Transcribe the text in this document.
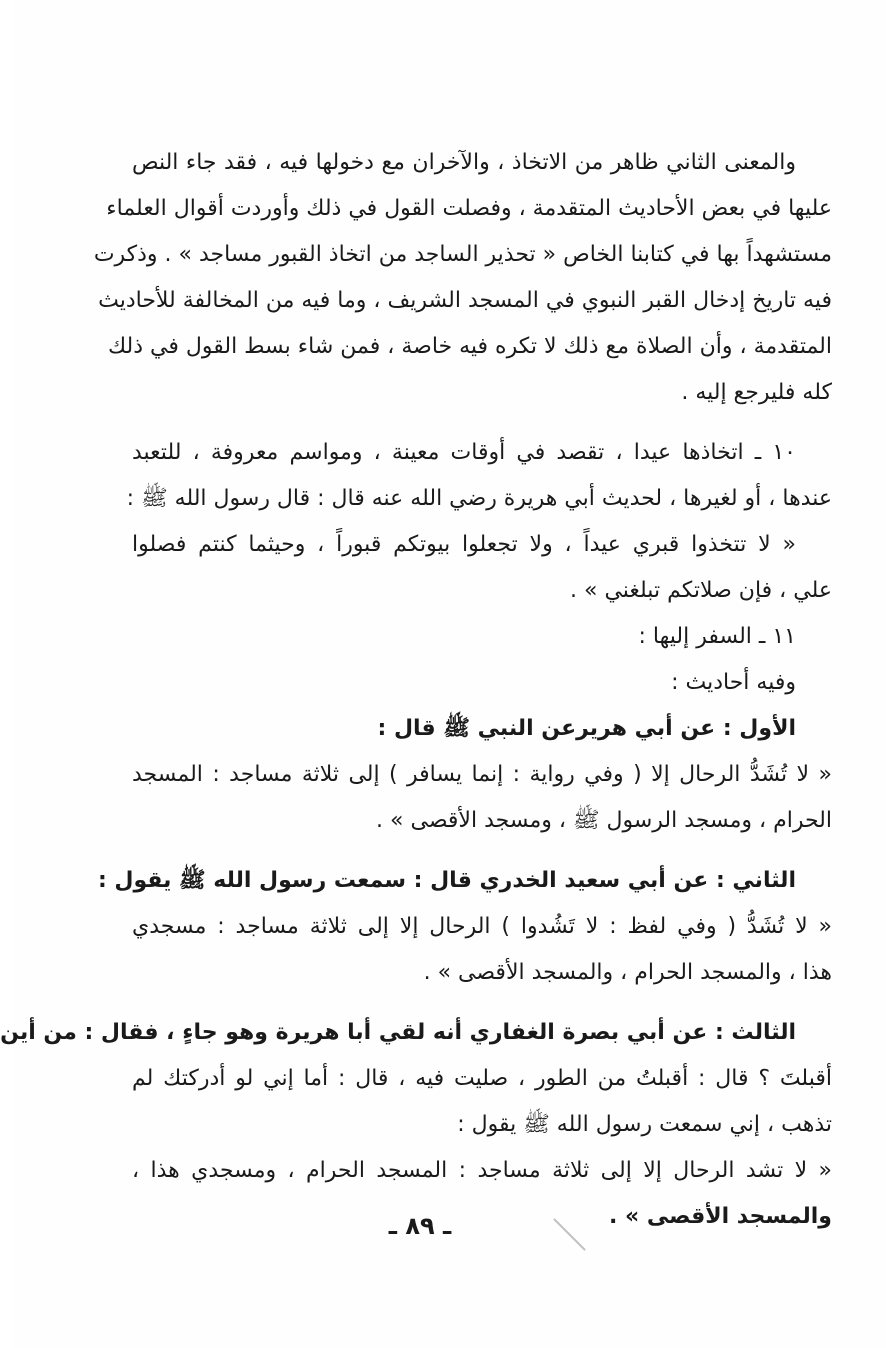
والمعنى الثاني ظاهر من الاتخاذ ، والآخران مع دخولها فيه ، فقد جاء النص
عليها في بعض الأحاديث المتقدمة ، وفصلت القول في ذلك وأوردت أقوال العلماء
مستشهداً بها في كتابنا الخاص « تحذير الساجد من اتخاذ القبور مساجد » . وذكرت
فيه تاريخ إدخال القبر النبوي في المسجد الشريف ، وما فيه من المخالفة للأحاديث
المتقدمة ، وأن الصلاة مع ذلك لا تكره فيه خاصة ، فمن شاء بسط القول في ذلك
كله فليرجع إليه .
١٠ ـ اتخاذها عيدا ، تقصد في أوقات معينة ، ومواسم معروفة ، للتعبد
عندها ، أو لغيرها ، لحديث أبي هريرة رضي الله عنه قال : قال رسول الله ﷺ :
« لا تتخذوا قبري عيداً ، ولا تجعلوا بيوتكم قبوراً ، وحيثما كنتم فصلوا
علي ، فإن صلاتكم تبلغني » .
١١ ـ السفر إليها :
وفيه أحاديث :
الأول : عن أبي هريرعن النبي ﷺ قال :
« لا تُشَدُّ الرحال إلا ( وفي رواية : إنما يسافر ) إلى ثلاثة مساجد : المسجد
الحرام ، ومسجد الرسول ﷺ ، ومسجد الأقصى » .
الثاني : عن أبي سعيد الخدري قال : سمعت رسول الله ﷺ يقول :
« لا تُشَدُّ ( وفي لفظ : لا تَشُدوا ) الرحال إلا إلى ثلاثة مساجد : مسجدي
هذا ، والمسجد الحرام ، والمسجد الأقصى » .
الثالث : عن أبي بصرة الغفاري أنه لقي أبا هريرة وهو جاءٍ ، فقال : من أين
أقبلتَ ؟ قال : أقبلتُ من الطور ، صليت فيه ، قال : أما إني لو أدركتك لم
تذهب ، إني سمعت رسول الله ﷺ يقول :
« لا تشد الرحال إلا إلى ثلاثة مساجد : المسجد الحرام ، ومسجدي هذا ،
والمسجد الأقصى » .
ـ ٨٩ ـ
